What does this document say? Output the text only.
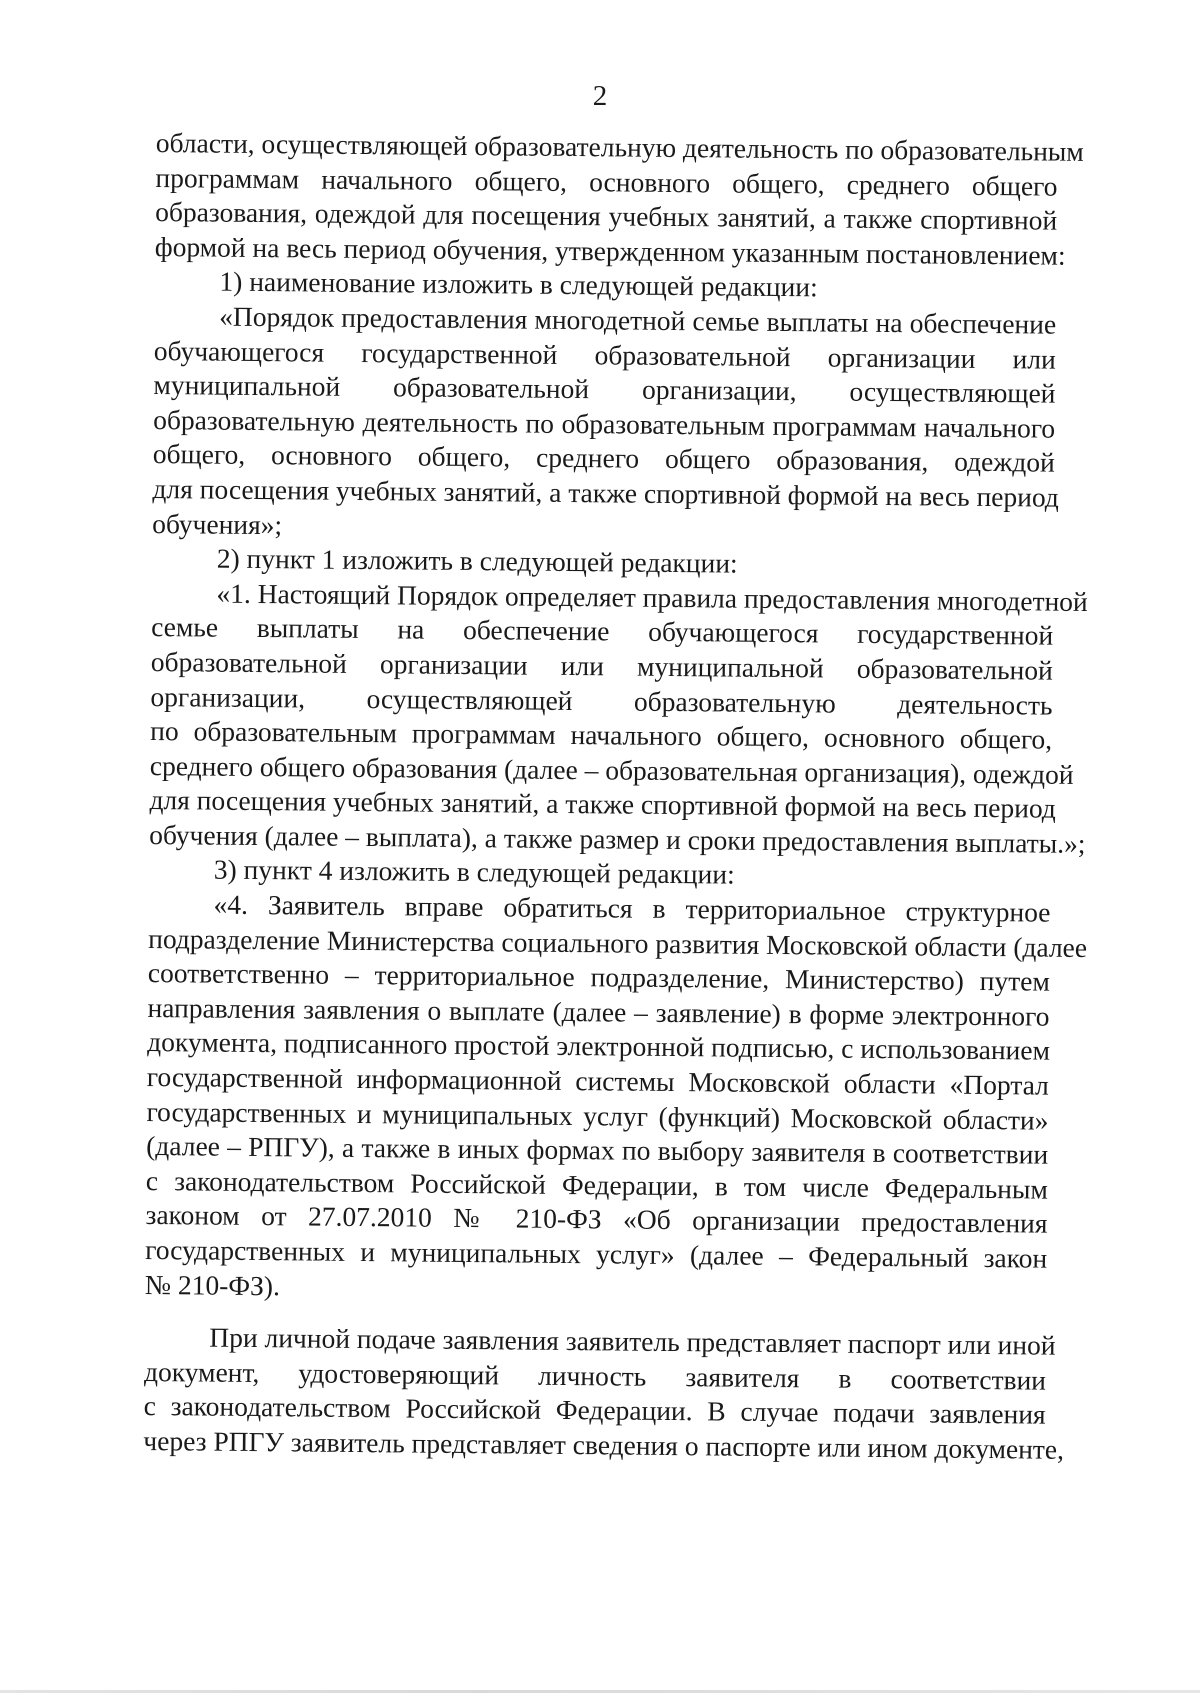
2
области, осуществляющей образовательную деятельность по образовательным
программам начального общего, основного общего, среднего общего
образования, одеждой для посещения учебных занятий, а также спортивной
формой на весь период обучения, утвержденном указанным постановлением:
1) наименование изложить в следующей редакции:
«Порядок предоставления многодетной семье выплаты на обеспечение
обучающегося государственной образовательной организации или
муниципальной образовательной организации, осуществляющей
образовательную деятельность по образовательным программам начального
общего, основного общего, среднего общего образования, одеждой
для посещения учебных занятий, а также спортивной формой на весь период
обучения»;
2) пункт 1 изложить в следующей редакции:
«1. Настоящий Порядок определяет правила предоставления многодетной
семье выплаты на обеспечение обучающегося государственной
образовательной организации или муниципальной образовательной
организации, осуществляющей образовательную деятельность
по образовательным программам начального общего, основного общего,
среднего общего образования (далее – образовательная организация), одеждой
для посещения учебных занятий, а также спортивной формой на весь период
обучения (далее – выплата), а также размер и сроки предоставления выплаты.»;
3) пункт 4 изложить в следующей редакции:
«4. Заявитель вправе обратиться в территориальное структурное
подразделение Министерства социального развития Московской области (далее
соответственно – территориальное подразделение, Министерство) путем
направления заявления о выплате (далее – заявление) в форме электронного
документа, подписанного простой электронной подписью, с использованием
государственной информационной системы Московской области «Портал
государственных и муниципальных услуг (функций) Московской области»
(далее – РПГУ), а также в иных формах по выбору заявителя в соответствии
с законодательством Российской Федерации, в том числе Федеральным
законом от 27.07.2010 № 210-ФЗ «Об организации предоставления
государственных и муниципальных услуг» (далее – Федеральный закон
№ 210-ФЗ).
При личной подаче заявления заявитель представляет паспорт или иной
документ, удостоверяющий личность заявителя в соответствии
с законодательством Российской Федерации. В случае подачи заявления
через РПГУ заявитель представляет сведения о паспорте или ином документе,
